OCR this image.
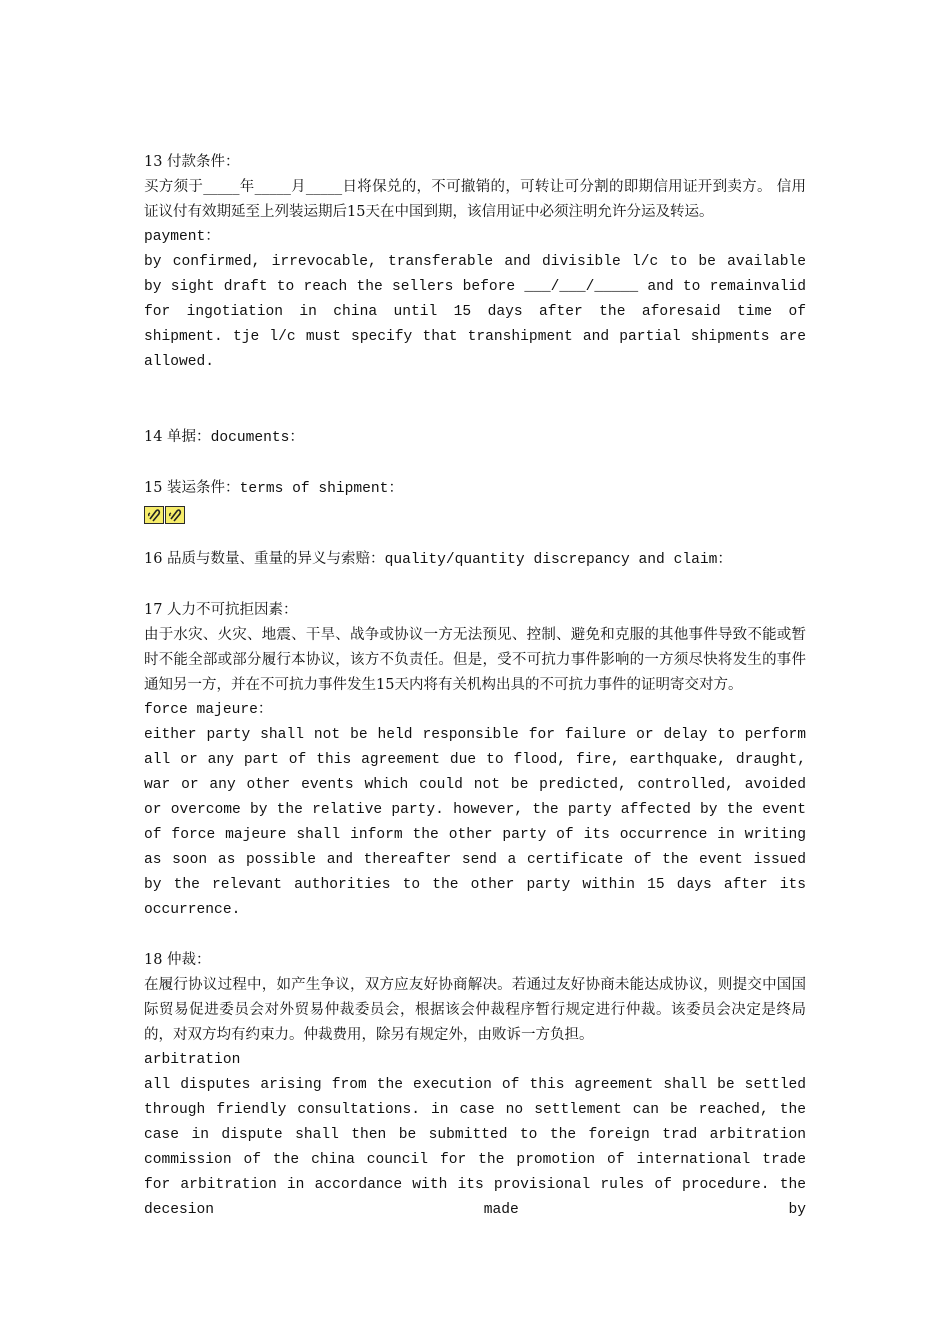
13 付款条件：

买方须于_____年_____月_____日将保兑的，不可撤销的，可转让可分割的即期信用证开到卖方。 信用证议付有效期延至上列装运期后15天在中国到期，该信用证中必须注明允许分运及转运。

payment：

by confirmed, irrevocable, transferable and divisible l/c to be available by sight draft to reach the sellers before ___/___/_____ and to remainvalid for ingotiation in china until 15 days after the aforesaid time of shipment. tje l/c must specify that transhipment and partial shipments are allowed.

14 单据：documents：

15 装运条件：terms of shipment：

16 品质与数量、重量的异义与索赔：quality/quantity discrepancy and claim：

17 人力不可抗拒因素：

由于水灾、火灾、地震、干旱、战争或协议一方无法预见、控制、避免和克服的其他事件导致不能或暂时不能全部或部分履行本协议，该方不负责任。但是，受不可抗力事件影响的一方须尽快将发生的事件通知另一方，并在不可抗力事件发生15天内将有关机构出具的不可抗力事件的证明寄交对方。

force majeure：

either party shall not be held responsible for failure or delay to perform all or any part of this agreement due to flood, fire, earthquake, draught, war or any other events which could not be predicted, controlled, avoided or overcome by the relative party. however, the party affected by the event of force majeure shall inform the other party of its occurrence in writing as soon as possible and thereafter send a certificate of the event issued by the relevant authorities to the other party within 15 days after its occurrence.

18 仲裁：

在履行协议过程中，如产生争议，双方应友好协商解决。若通过友好协商未能达成协议，则提交中国国际贸易促进委员会对外贸易仲裁委员会，根据该会仲裁程序暂行规定进行仲裁。该委员会决定是终局的，对双方均有约束力。仲裁费用，除另有规定外，由败诉一方负担。

arbitration

all disputes arising from the execution of this agreement shall be settled through friendly consultations. in case no settlement can be reached, the case in dispute shall then be submitted to the foreign trad arbitration commission of the china council for the promotion of international trade for arbitration in accordance with its provisional rules of procedure. the decesion made by
